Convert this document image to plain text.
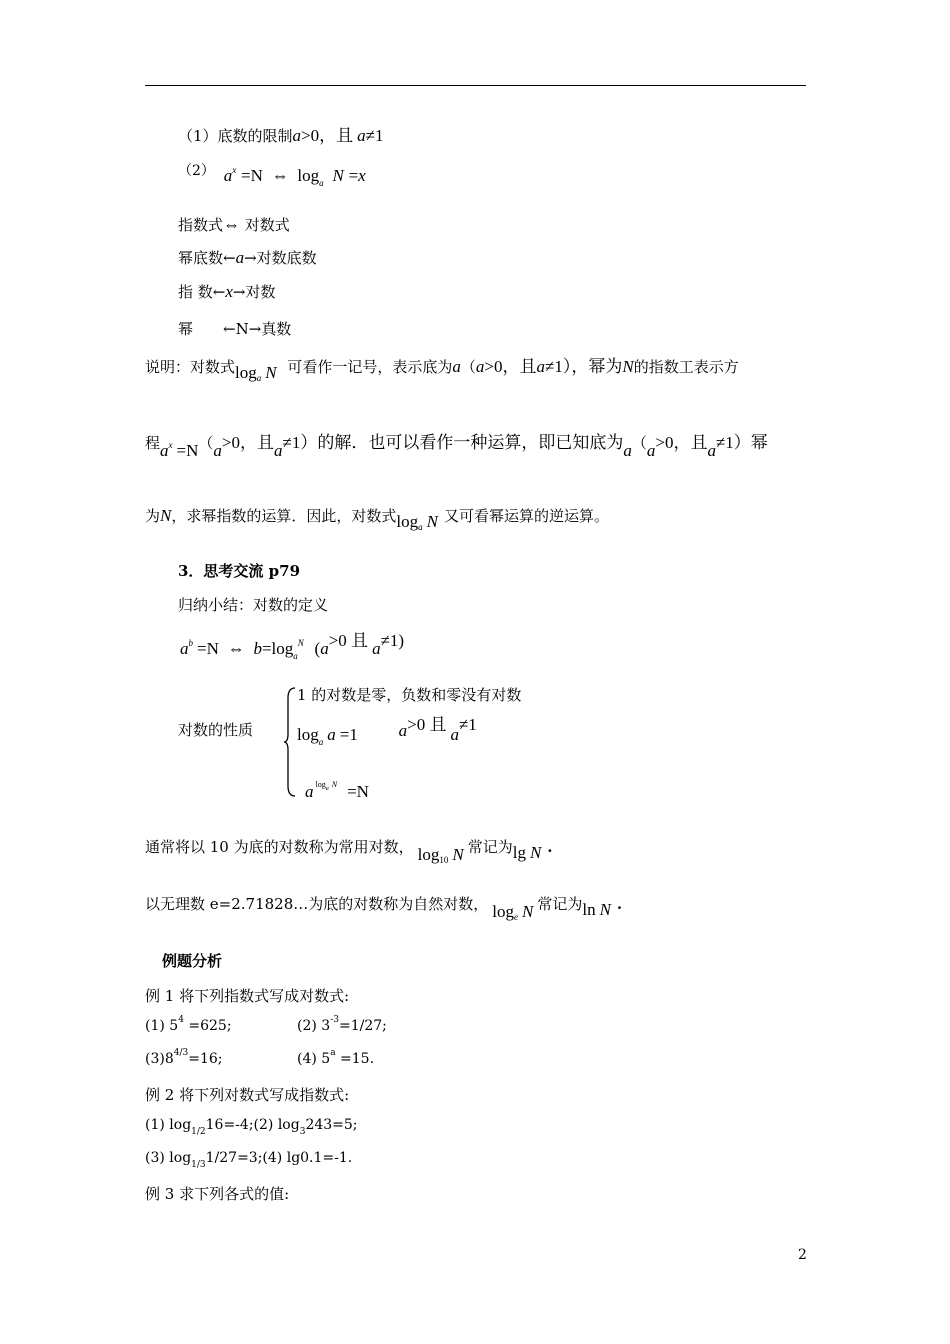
（1）底数的限制a>0，且 a≠1
（2） $a^x =N$ ⇔ $\log_a N =x$
指数式⇔ 对数式
幂底数←a→对数底数
指 数←x→对数
幂 ←N→真数
说明：对数式$\log_a N$ 可看作一记号，表示底为a（a>0，且a≠1），幂为N的指数工表示方
程ax =N（a>0，且a≠1）的解．也可以看作一种运算，即已知底为a（a>0，且a≠1）幂
为N，求幂指数的运算．因此，对数式$\log_a N$ 又可看幂运算的逆运算。
3．思考交流 p79
归纳小结：对数的定义
$a^b =N$ ⇔ $b=\log_a^N$ (a>0 且 a≠1)
对数的性质
1 的对数是零，负数和零没有对数
$\log_a a =1$ a>0 且a≠1
a $^{loga}$ $^N$ =N
通常将以 10 为底的对数称为常用对数， $\log_{10} N$ 常记为lg N .
以无理数 e=2.71828…为底的对数称为自然对数， $\log_e N$ 常记为ln N .
例题分析
例 1 将下列指数式写成对数式:
(1) $5^4 =625$;	(2) $3^{-3}=1/27$;
$(3)8^{4/3}=16$;	(4) $5^a =15$.
例 2 将下列对数式写成指数式:
(1) $\log_{1/2}16=-4;(2)$ $\log_3243=5$;
(3) $\log_{1/3}1/27=3;(4)$ lg0.1=-1.
例 3 求下列各式的值:
2
